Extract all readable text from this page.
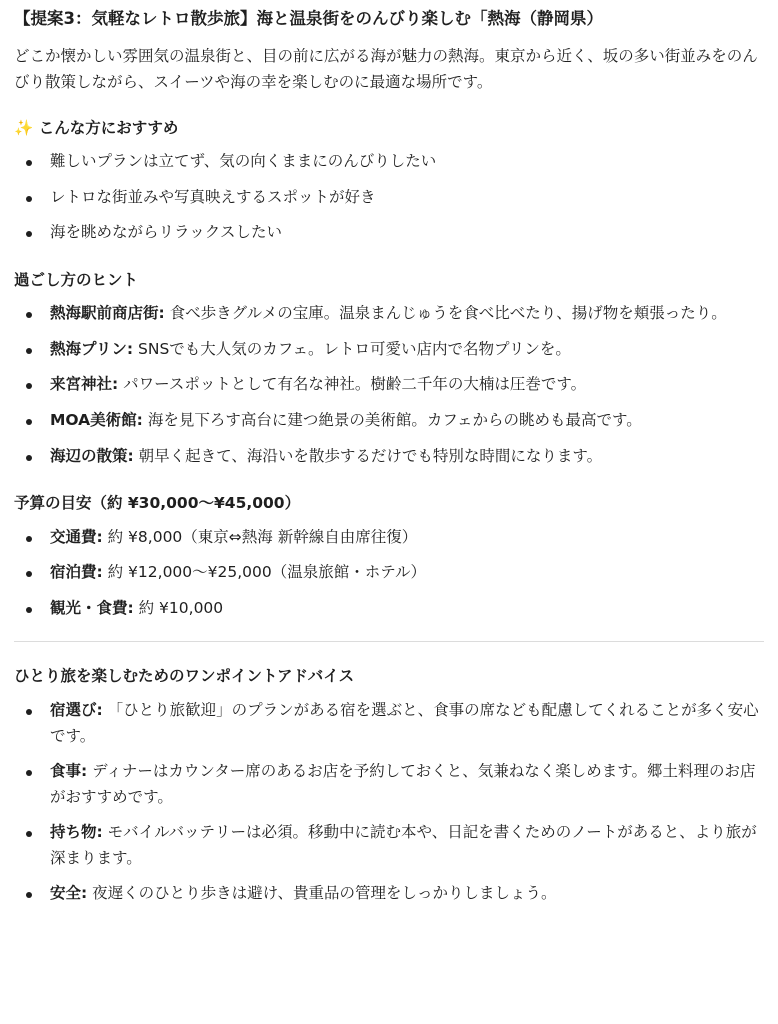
【提案3：気軽なレトロ散歩旅】海と温泉街をのんびり楽しむ「熱海（静岡県）

どこか懐かしい雰囲気の温泉街と、目の前に広がる海が魅力の熱海。東京から近く、坂の多い街並みをのんびり散策しながら、スイーツや海の幸を楽しむのに最適な場所です。

✨ こんな方におすすめ
難しいプランは立てず、気の向くままにのんびりしたい
レトロな街並みや写真映えするスポットが好き
海を眺めながらリラックスしたい
過ごし方のヒント
熱海駅前商店街: 食べ歩きグルメの宝庫。温泉まんじゅうを食べ比べたり、揚げ物を頬張ったり。
熱海プリン: SNSでも大人気のカフェ。レトロ可愛い店内で名物プリンを。
来宮神社: パワースポットとして有名な神社。樹齢二千年の大楠は圧巻です。
MOA美術館: 海を見下ろす高台に建つ絶景の美術館。カフェからの眺めも最高です。
海辺の散策: 朝早く起きて、海沿いを散歩するだけでも特別な時間になります。
予算の目安（約 ¥30,000〜¥45,000）
交通費: 約 ¥8,000（東京⇔熱海 新幹線自由席往復）
宿泊費: 約 ¥12,000〜¥25,000（温泉旅館・ホテル）
観光・食費: 約 ¥10,000
ひとり旅を楽しむためのワンポイントアドバイス
宿選び: 「ひとり旅歓迎」のプランがある宿を選ぶと、食事の席なども配慮してくれることが多く安心です。
食事: ディナーはカウンター席のあるお店を予約しておくと、気兼ねなく楽しめます。郷土料理のお店がおすすめです。
持ち物: モバイルバッテリーは必須。移動中に読む本や、日記を書くためのノートがあると、より旅が深まります。
安全: 夜遅くのひとり歩きは避け、貴重品の管理をしっかりしましょう。
